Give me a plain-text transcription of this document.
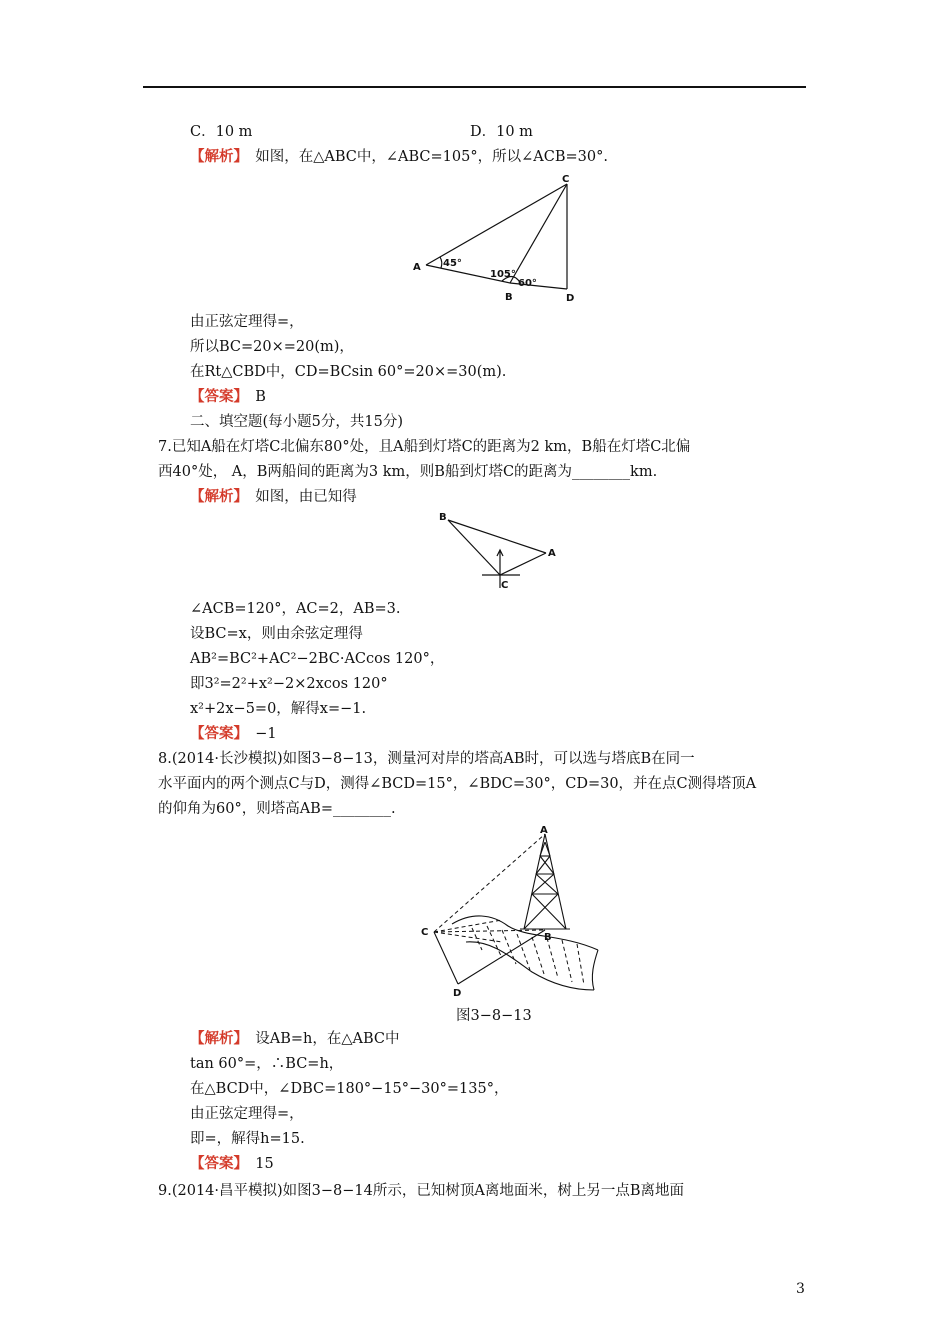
C．10 m	D．10 m
【解析】　如图，在△ABC中，∠ABC=105°，所以∠ACB=30°.
A
B
C
D
45°
105°
60°
由正弦定理得=，
所以BC=20×=20(m)，
在Rt△CBD中，CD=BCsin 60°=20×=30(m).
【答案】　B
二、填空题(每小题5分，共15分)
7.已知A船在灯塔C北偏东80°处，且A船到灯塔C的距离为2 km，B船在灯塔C北偏
西40°处， A，B两船间的距离为3 km，则B船到灯塔C的距离为________km.
【解析】　如图，由已知得
B
A
C
∠ACB=120°，AC=2，AB=3.
设BC=x，则由余弦定理得
AB²=BC²+AC²−2BC·ACcos 120°，
即3²=2²+x²−2×2xcos 120°
x²+2x−5=0，解得x=−1.
【答案】　−1
8.(2014·长沙模拟)如图3−8−13，测量河对岸的塔高AB时，可以选与塔底B在同一
水平面内的两个测点C与D，测得∠BCD=15°，∠BDC=30°，CD=30，并在点C测得塔顶A
的仰角为60°，则塔高AB=________.
A
B
C
D
图3−8−13
【解析】　设AB=h，在△ABC中
tan 60°=，∴BC=h，
在△BCD中，∠DBC=180°−15°−30°=135°，
由正弦定理得=，
即=，解得h=15.
【答案】　15
9.(2014·昌平模拟)如图3−8−14所示，已知树顶A离地面米，树上另一点B离地面
3
